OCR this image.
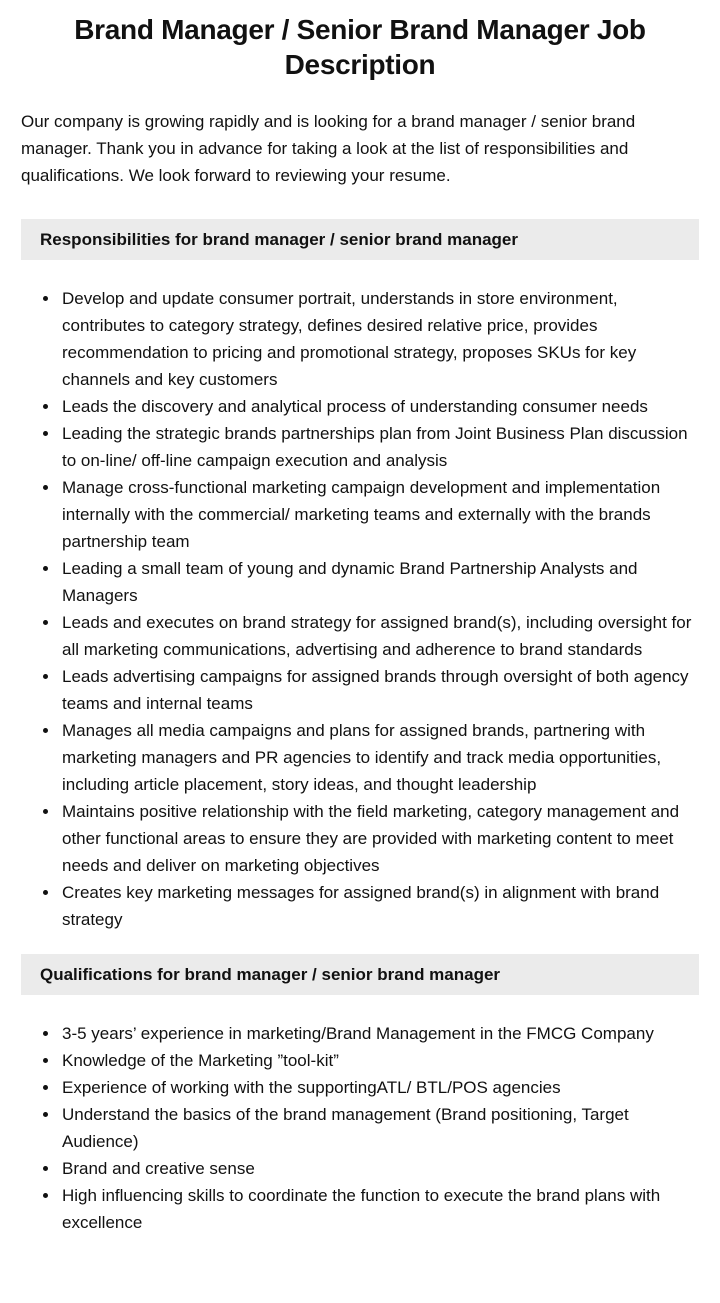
Brand Manager / Senior Brand Manager Job Description

Our company is growing rapidly and is looking for a brand manager / senior brand manager. Thank you in advance for taking a look at the list of responsibilities and qualifications. We look forward to reviewing your resume.

Responsibilities for brand manager / senior brand manager
• Develop and update consumer portrait, understands in store environment, contributes to category strategy, defines desired relative price, provides recommendation to pricing and promotional strategy, proposes SKUs for key channels and key customers
• Leads the discovery and analytical process of understanding consumer needs
• Leading the strategic brands partnerships plan from Joint Business Plan discussion to on-line/ off-line campaign execution and analysis
• Manage cross-functional marketing campaign development and implementation internally with the commercial/ marketing teams and externally with the brands partnership team
• Leading a small team of young and dynamic Brand Partnership Analysts and Managers
• Leads and executes on brand strategy for assigned brand(s), including oversight for all marketing communications, advertising and adherence to brand standards
• Leads advertising campaigns for assigned brands through oversight of both agency teams and internal teams
• Manages all media campaigns and plans for assigned brands, partnering with marketing managers and PR agencies to identify and track media opportunities, including article placement, story ideas, and thought leadership
• Maintains positive relationship with the field marketing, category management and other functional areas to ensure they are provided with marketing content to meet needs and deliver on marketing objectives
• Creates key marketing messages for assigned brand(s) in alignment with brand strategy
Qualifications for brand manager / senior brand manager
• 3-5 years’ experience in marketing/Brand Management in the FMCG Company
• Knowledge of the Marketing ”tool-kit”
• Experience of working with the supportingATL/ BTL/POS agencies
• Understand the basics of the brand management (Brand positioning, Target Audience)
• Brand and creative sense
• High influencing skills to coordinate the function to execute the brand plans with excellence
